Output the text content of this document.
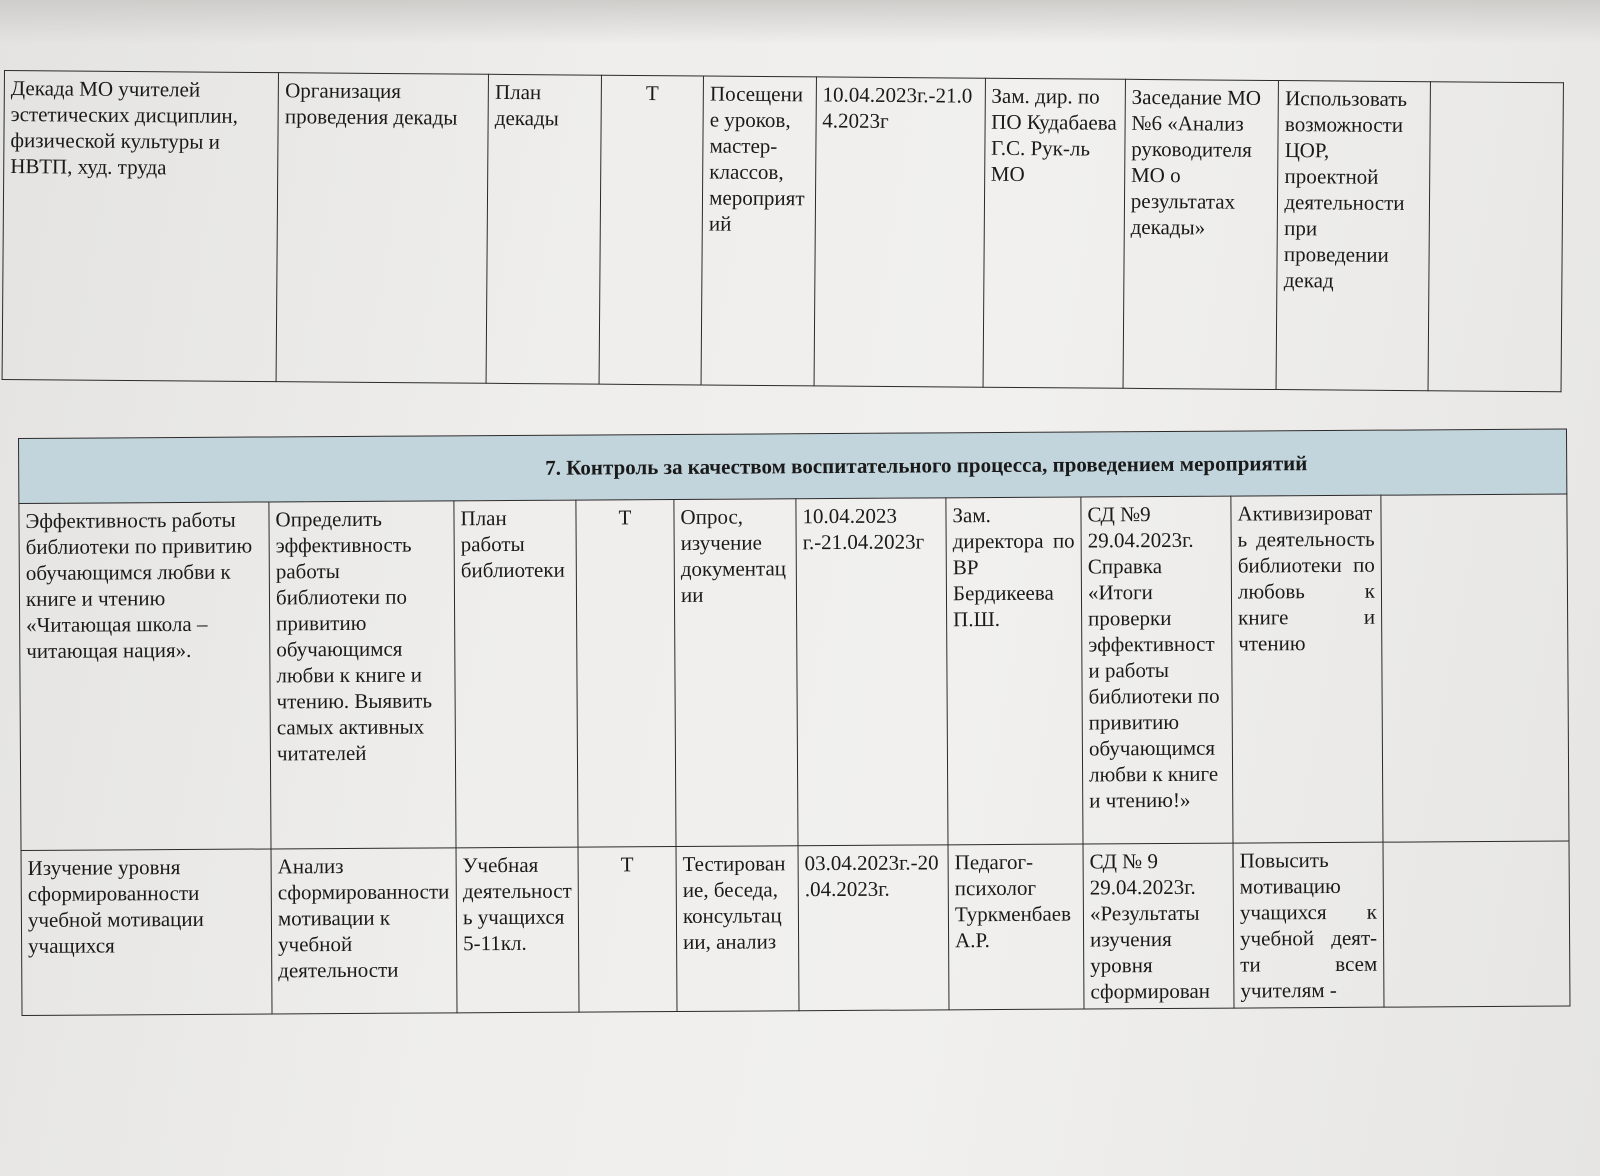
Декада МО учителей эстетических дисциплин, физической культуры и НВТП, худ. труда	Организация проведения декады	План декады	Т	Посещение уроков, мастер-классов, мероприятий	10.04.2023г.-21.04.2023г	Зам. дир. по ПО Кудабаева Г.С. Рук-ль МО	Заседание МО №6 «Анализ руководителя МО о результатах декады»	Использовать возможности ЦОР, проектной деятельности при проведении декад	
7. Контроль за качеством воспитательного процесса, проведением мероприятий									

Эффективность работы библиотеки по привитию обучающимся любви к книге и чтению «Читающая школа – читающая нация».	Определить эффективность работы библиотеки по привитию обучающимся любви к книге и чтению. Выявить самых активных читателей	План работы библиотеки	Т	Опрос, изучение документации	10.04.2023 г.-21.04.2023г	Зам. директора по ВР Бердикеева П.Ш.	СД №9 29.04.2023г. Справка «Итоги проверки эффективности работы библиотеки по привитию обучающимся любви к книге и чтению!»	Активизировать деятельность библиотеки по любовь к книге и чтению	
Изучение уровня сформированности учебной мотивации учащихся	Анализ сформированности мотивации к учебной деятельности	Учебная деятельность учащихся 5-11кл.	Т	Тестирование, беседа, консультации, анализ	03.04.2023г.-20.04.2023г.	Педагог-психолог Туркменбаев А.Р.	СД № 9 29.04.2023г. «Результаты изучения уровня сформирован	Повысить мотивацию учащихся к учебной деят-ти всем учителям -	
